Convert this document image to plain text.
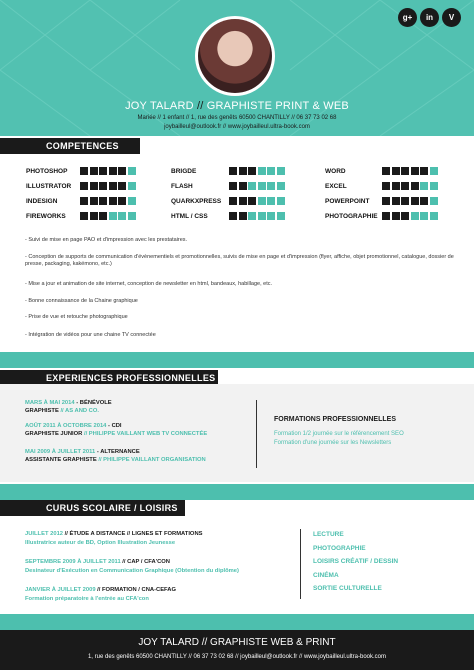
g+	in	V
JOY TALARD // GRAPHISTE PRINT & WEB
Mariée // 1 enfant // 1, rue des genêts 60500 CHANTILLY // 06 37 73 02 68
joybailleul@outlook.fr // www.joybailleul.ultra-book.com
COMPETENCES
PHOTOSHOP
ILLUSTRATOR
INDESIGN
FIREWORKS
BRIGDE
FLASH
QUARKXPRESS
HTML / CSS
WORD
EXCEL
POWERPOINT
PHOTOGRAPHIE
- Suivi de mise en page PAO et d'impression avec les prestataires.
- Conception de supports de communication d'évènementiels et promotionnelles, suivis de mise en page et d'impression (flyer, affiche, objet promotionnel, catalogue, dossier de presse, packaging, kakémono, etc.)
- Mise a jour et animation de site internet, conception de newsletter en html, bandeaux, habillage, etc.
- Bonne connaissance de la Chaine graphique
- Prise de vue et retouche photographique
- Intégration de vidéos pour une chaine TV connectée
EXPERIENCES PROFESSIONNELLES
MARS À MAI 2014 - BÉNÉVOLE
GRAPHISTE // AS AND CO.
AOÛT 2011 À OCTOBRE 2014 - CDI
GRAPHISTE JUNIOR // PHILIPPE VAILLANT WEB TV CONNECTÉE
MAI 2009 À JUILLET 2011 - ALTERNANCE
ASSISTANTE GRAPHISTE // PHILIPPE VAILLANT ORGANISATION
FORMATIONS PROFESSIONNELLES
Formation 1/2 journée sur le référencement SEO
Formation d'une journée sur les Newsletters
CURUS SCOLAIRE / LOISIRS
JUILLET 2012 // ÉTUDE A DISTANCE // LIGNES ET FORMATIONS
Illustratrice auteur de BD, Option Illustration Jeunesse
SEPTEMBRE 2009 À JUILLET 2011 // CAP / CFA'CON
Desinateur d'Exécution en Communication Graphique (Obtention du diplôme)
JANVIER À JUILLET 2009 // FORMATION / CNA-CEFAG
Formation préparatoire à l'entrée au CFA'con
LECTURE
PHOTOGRAPHIE
LOISIRS CRÉATIF / DESSIN
CINÉMA
SORTIE CULTURELLE
JOY TALARD // GRAPHISTE WEB & PRINT
1, rue des genêts 60500 CHANTILLY // 06 37 73 02 68 // joybailleul@outlook.fr // www.joybailleul.ultra-book.com
